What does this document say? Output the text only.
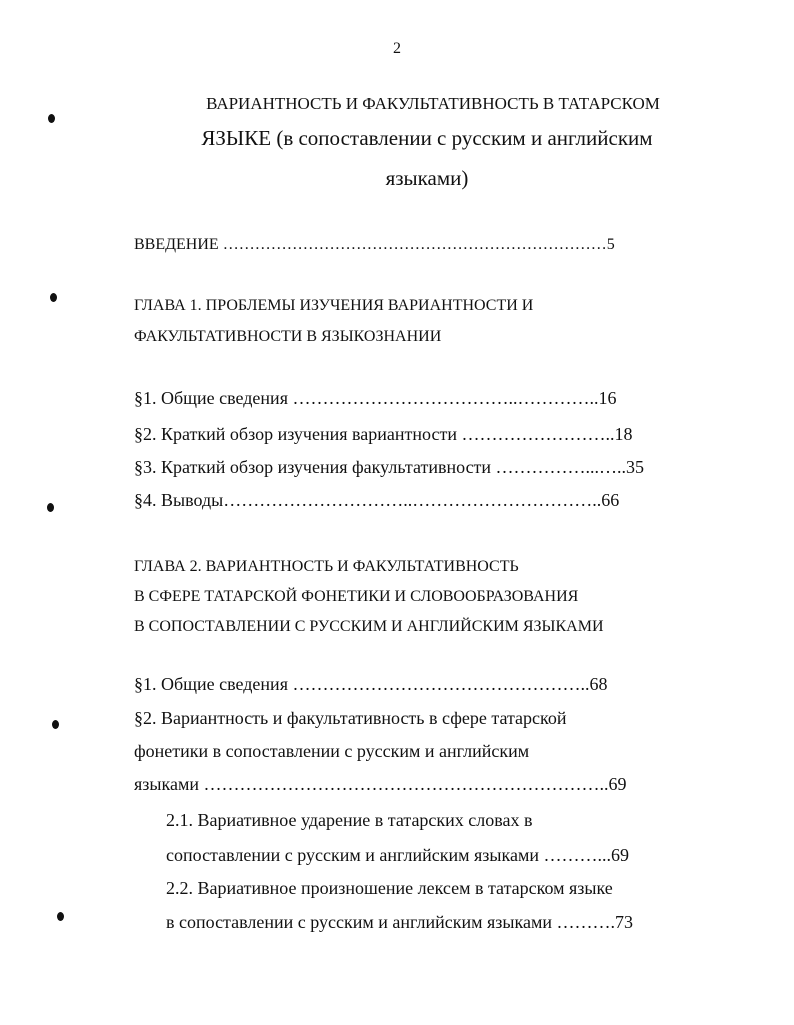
2
ВАРИАНТНОСТЬ И ФАКУЛЬТАТИВНОСТЬ В ТАТАРСКОМ
ЯЗЫКЕ (в сопоставлении с русским и английским
языками)
ВВЕДЕНИЕ ………………………………………………………………5
ГЛАВА 1. ПРОБЛЕМЫ ИЗУЧЕНИЯ ВАРИАНТНОСТИ И
ФАКУЛЬТАТИВНОСТИ В ЯЗЫКОЗНАНИИ
§1. Общие сведения ………………………………..…………..16
§2. Краткий обзор изучения вариантности ……………………..18
§3. Краткий обзор изучения факультативности ……………...…..35
§4. Выводы…………………………..…………………………..66
ГЛАВА 2. ВАРИАНТНОСТЬ И ФАКУЛЬТАТИВНОСТЬ
В СФЕРЕ ТАТАРСКОЙ ФОНЕТИКИ И СЛОВООБРАЗОВАНИЯ
В СОПОСТАВЛЕНИИ С РУССКИМ И АНГЛИЙСКИМ ЯЗЫКАМИ
§1. Общие сведения …………………………………………..68
§2. Вариантность и факультативность в сфере татарской
фонетики в сопоставлении с русским и английским
языками …………………………………………………………..69
2.1. Вариативное ударение в татарских словах в
сопоставлении с русским и английским языками ………...69
2.2. Вариативное произношение лексем в татарском языке
в сопоставлении с русским и английским языками ……….73
